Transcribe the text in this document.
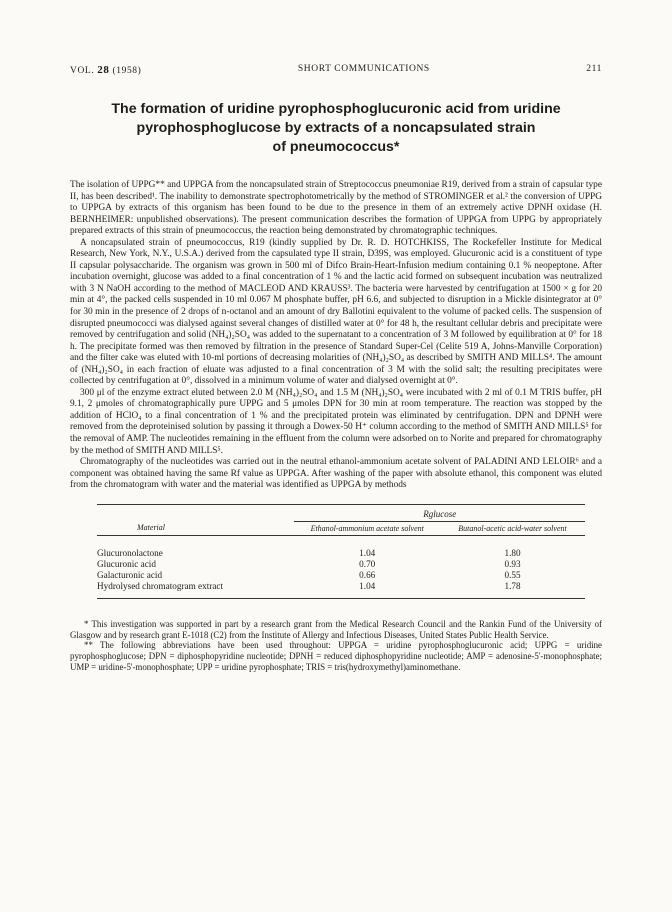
VOL. 28 (1958)	SHORT COMMUNICATIONS	211
The formation of uridine pyrophosphoglucuronic acid from uridine
pyrophosphoglucose by extracts of a noncapsulated strain
of pneumococcus*

The isolation of UPPG** and UPPGA from the noncapsulated strain of Streptococcus pneumoniae R19, derived from a strain of capsular type II, has been described¹. The inability to demonstrate spectrophotometrically by the method of STROMINGER et al.² the conversion of UPPG to UPPGA by extracts of this organism has been found to be due to the presence in them of an extremely active DPNH oxidase (H. BERNHEIMER: unpublished observations). The present communication describes the formation of UPPGA from UPPG by appropriately prepared extracts of this strain of pneumococcus, the reaction being demonstrated by chromatographic techniques.

A noncapsulated strain of pneumococcus, R19 (kindly supplied by Dr. R. D. HOTCHKISS, The Rockefeller Institute for Medical Research, New York, N.Y., U.S.A.) derived from the capsulated type II strain, D39S, was employed. Glucuronic acid is a constituent of type II capsular polysaccharide. The organism was grown in 500 ml of Difco Brain-Heart-Infusion medium containing 0.1 % neopeptone. After incubation overnight, glucose was added to a final concentration of 1 % and the lactic acid formed on subsequent incubation was neutralized with 3 N NaOH according to the method of MACLEOD AND KRAUSS³. The bacteria were harvested by centrifugation at 1500 × g for 20 min at 4°, the packed cells suspended in 10 ml 0.067 M phosphate buffer, pH 6.6, and subjected to disruption in a Mickle disintegrator at 0° for 30 min in the presence of 2 drops of n-octanol and an amount of dry Ballotini equivalent to the volume of packed cells. The suspension of disrupted pneumococci was dialysed against several changes of distilled water at 0° for 48 h, the resultant cellular debris and precipitate were removed by centrifugation and solid (NH₄)₂SO₄ was added to the supernatant to a concentration of 3 M followed by equilibration at 0° for 18 h. The precipitate formed was then removed by filtration in the presence of Standard Super-Cel (Celite 519 A, Johns-Manville Corporation) and the filter cake was eluted with 10-ml portions of decreasing molarities of (NH₄)₂SO₄ as described by SMITH AND MILLS⁴. The amount of (NH₄)₂SO₄ in each fraction of eluate was adjusted to a final concentration of 3 M with the solid salt; the resulting precipitates were collected by centrifugation at 0°, dissolved in a minimum volume of water and dialysed overnight at 0°.

300 μl of the enzyme extract eluted between 2.0 M (NH₄)₂SO₄ and 1.5 M (NH₄)₂SO₄ were incubated with 2 ml of 0.1 M TRIS buffer, pH 9.1, 2 μmoles of chromatographically pure UPPG and 5 μmoles DPN for 30 min at room temperature. The reaction was stopped by the addition of HClO₄ to a final concentration of 1 % and the precipitated protein was eliminated by centrifugation. DPN and DPNH were removed from the deproteinised solution by passing it through a Dowex-50 H⁺ column according to the method of SMITH AND MILLS⁵ for the removal of AMP. The nucleotides remaining in the effluent from the column were adsorbed on to Norite and prepared for chromatography by the method of SMITH AND MILLS⁵.

Chromatography of the nucleotides was carried out in the neutral ethanol-ammonium acetate solvent of PALADINI AND LELOIR⁶ and a component was obtained having the same Rf value as UPPGA. After washing of the paper with absolute ethanol, this component was eluted from the chromatogram with water and the material was identified as UPPGA by methods

	Rglucose	
Material	Ethanol-ammonium acetate solvent	Butanol-acetic acid-water solvent

Glucuronolactone	1.04	1.80
Glucuronic acid	0.70	0.93
Galacturonic acid	0.66	0.55
Hydrolysed chromatogram extract	1.04	1.78

* This investigation was supported in part by a research grant from the Medical Research Council and the Rankin Fund of the University of Glasgow and by research grant E-1018 (C2) from the Institute of Allergy and Infectious Diseases, United States Public Health Service.

** The following abbreviations have been used throughout: UPPGA = uridine pyrophosphoglucuronic acid; UPPG = uridine pyrophosphoglucose; DPN = diphosphopyridine nucleotide; DPNH = reduced diphosphopyridine nucleotide; AMP = adenosine-5'-monophosphate; UMP = uridine-5'-monophosphate; UPP = uridine pyrophosphate; TRIS = tris(hydroxymethyl)aminomethane.
